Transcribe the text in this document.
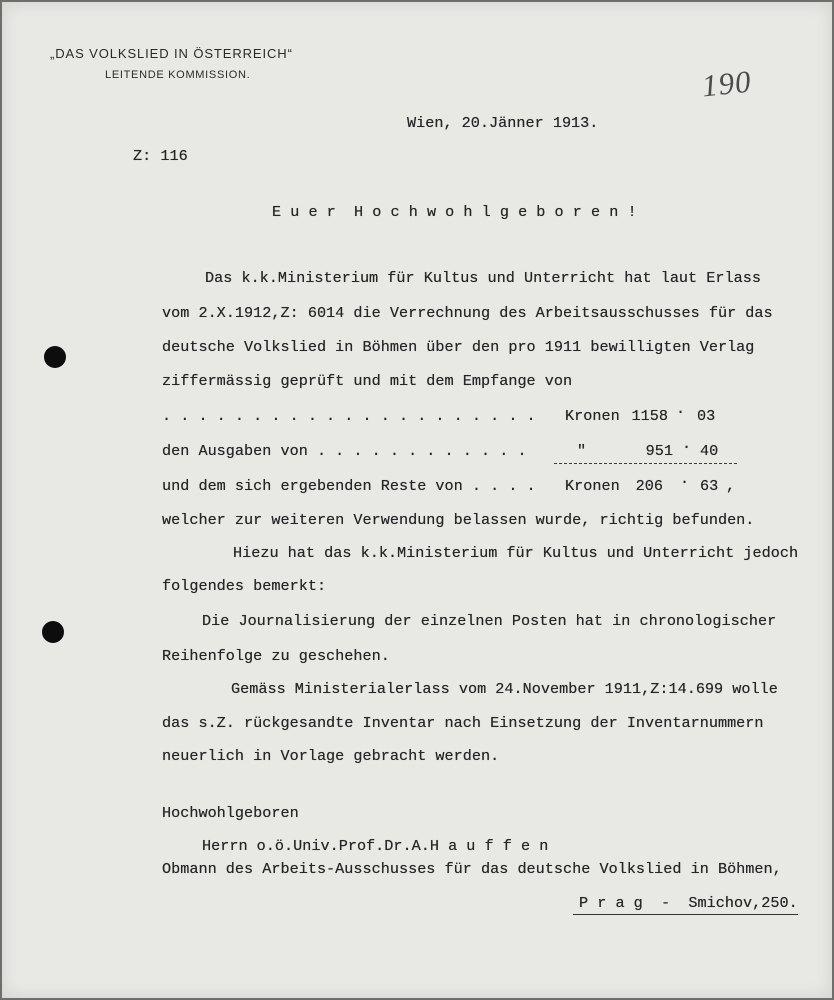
„DAS VOLKSLIED IN ÖSTERREICH“
LEITENDE KOMMISSION.	190
Wien, 20.Jänner 1913.
Z: 116
E u e r  H o c h w o h l g e b o r e n !
Das k.k.Ministerium für Kultus und Unterricht hat laut Erlass
vom 2.X.1912,Z: 6014 die Verrechnung des Arbeitsausschusses für das
deutsche Volkslied in Böhmen über den pro 1911 bewilligten Verlag
ziffermässig geprüft und mit dem Empfange von
. . . . . . . . . . . . . . . . . . . . . Kronen 1158 · 03
den Ausgaben von . . . . . . . . . . . .	"	951 · 40
und dem sich ergebenden Reste von . . . . Kronen	206 · 63 ,
welcher zur weiteren Verwendung belassen wurde, richtig befunden.
Hiezu hat das k.k.Ministerium für Kultus und Unterricht jedoch
folgendes bemerkt:
Die Journalisierung der einzelnen Posten hat in chronologischer
Reihenfolge zu geschehen.
Gemäss Ministerialerlass vom 24.November 1911,Z:14.699 wolle
das s.Z. rückgesandte Inventar nach Einsetzung der Inventarnummern
neuerlich in Vorlage gebracht werden.
Hochwohlgeboren
Herrn o.ö.Univ.Prof.Dr.A.H a u f f e n
Obmann des Arbeits-Ausschusses für das deutsche Volkslied in Böhmen,
P r a g  -  Smichov,250.
